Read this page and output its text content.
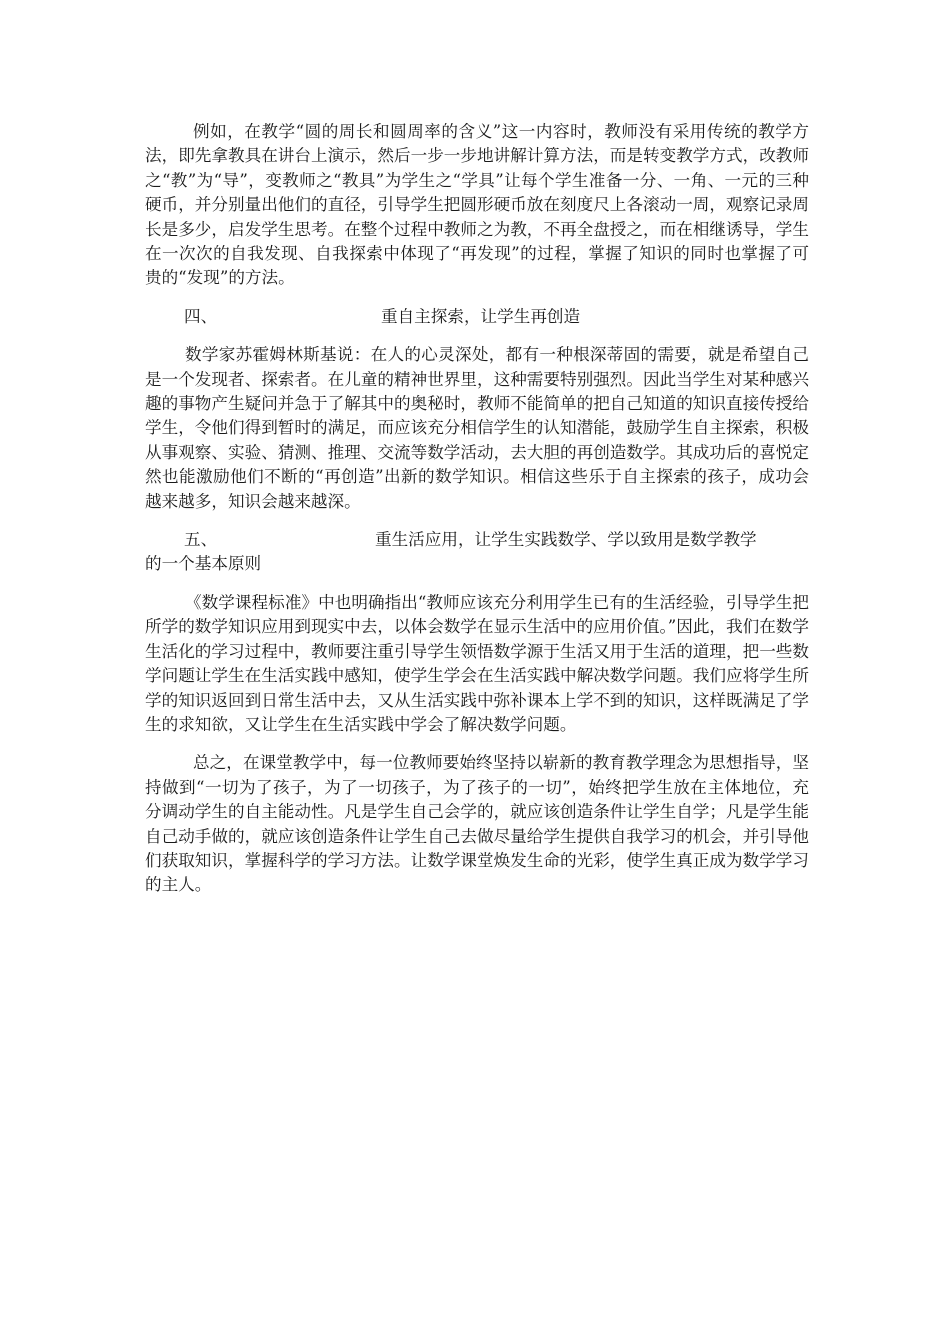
例如，在教学“圆的周长和圆周率的含义”这一内容时，教师没有采用传统的教学方法，即先拿教具在讲台上演示，然后一步一步地讲解计算方法，而是转变教学方式，改教师之“教”为“导”，变教师之“教具”为学生之“学具”让每个学生准备一分、一角、一元的三种硬币，并分别量出他们的直径，引导学生把圆形硬币放在刻度尺上各滚动一周，观察记录周长是多少，启发学生思考。在整个过程中教师之为教，不再全盘授之，而在相继诱导，学生在一次次的自我发现、自我探索中体现了“再发现”的过程，掌握了知识的同时也掌握了可贵的“发现”的方法。

四、	重自主探索，让学生再创造

数学家苏霍姆林斯基说：在人的心灵深处，都有一种根深蒂固的需要，就是希望自己是一个发现者、探索者。在儿童的精神世界里，这种需要特别强烈。因此当学生对某种感兴趣的事物产生疑问并急于了解其中的奥秘时，教师不能简单的把自己知道的知识直接传授给学生，令他们得到暂时的满足，而应该充分相信学生的认知潜能，鼓励学生自主探索，积极从事观察、实验、猜测、推理、交流等数学活动，去大胆的再创造数学。其成功后的喜悦定然也能激励他们不断的“再创造”出新的数学知识。相信这些乐于自主探索的孩子，成功会越来越多，知识会越来越深。

五、	重生活应用，让学生实践数学、学以致用是数学教学
的一个基本原则

《数学课程标准》中也明确指出“教师应该充分利用学生已有的生活经验，引导学生把所学的数学知识应用到现实中去，以体会数学在显示生活中的应用价值。”因此，我们在数学生活化的学习过程中，教师要注重引导学生领悟数学源于生活又用于生活的道理，把一些数学问题让学生在生活实践中感知，使学生学会在生活实践中解决数学问题。我们应将学生所学的知识返回到日常生活中去，又从生活实践中弥补课本上学不到的知识，这样既满足了学生的求知欲，又让学生在生活实践中学会了解决数学问题。

总之，在课堂教学中，每一位教师要始终坚持以崭新的教育教学理念为思想指导，坚持做到“一切为了孩子，为了一切孩子，为了孩子的一切”，始终把学生放在主体地位，充分调动学生的自主能动性。凡是学生自己会学的，就应该创造条件让学生自学；凡是学生能自己动手做的，就应该创造条件让学生自己去做尽量给学生提供自我学习的机会，并引导他们获取知识，掌握科学的学习方法。让数学课堂焕发生命的光彩，使学生真正成为数学学习的主人。
